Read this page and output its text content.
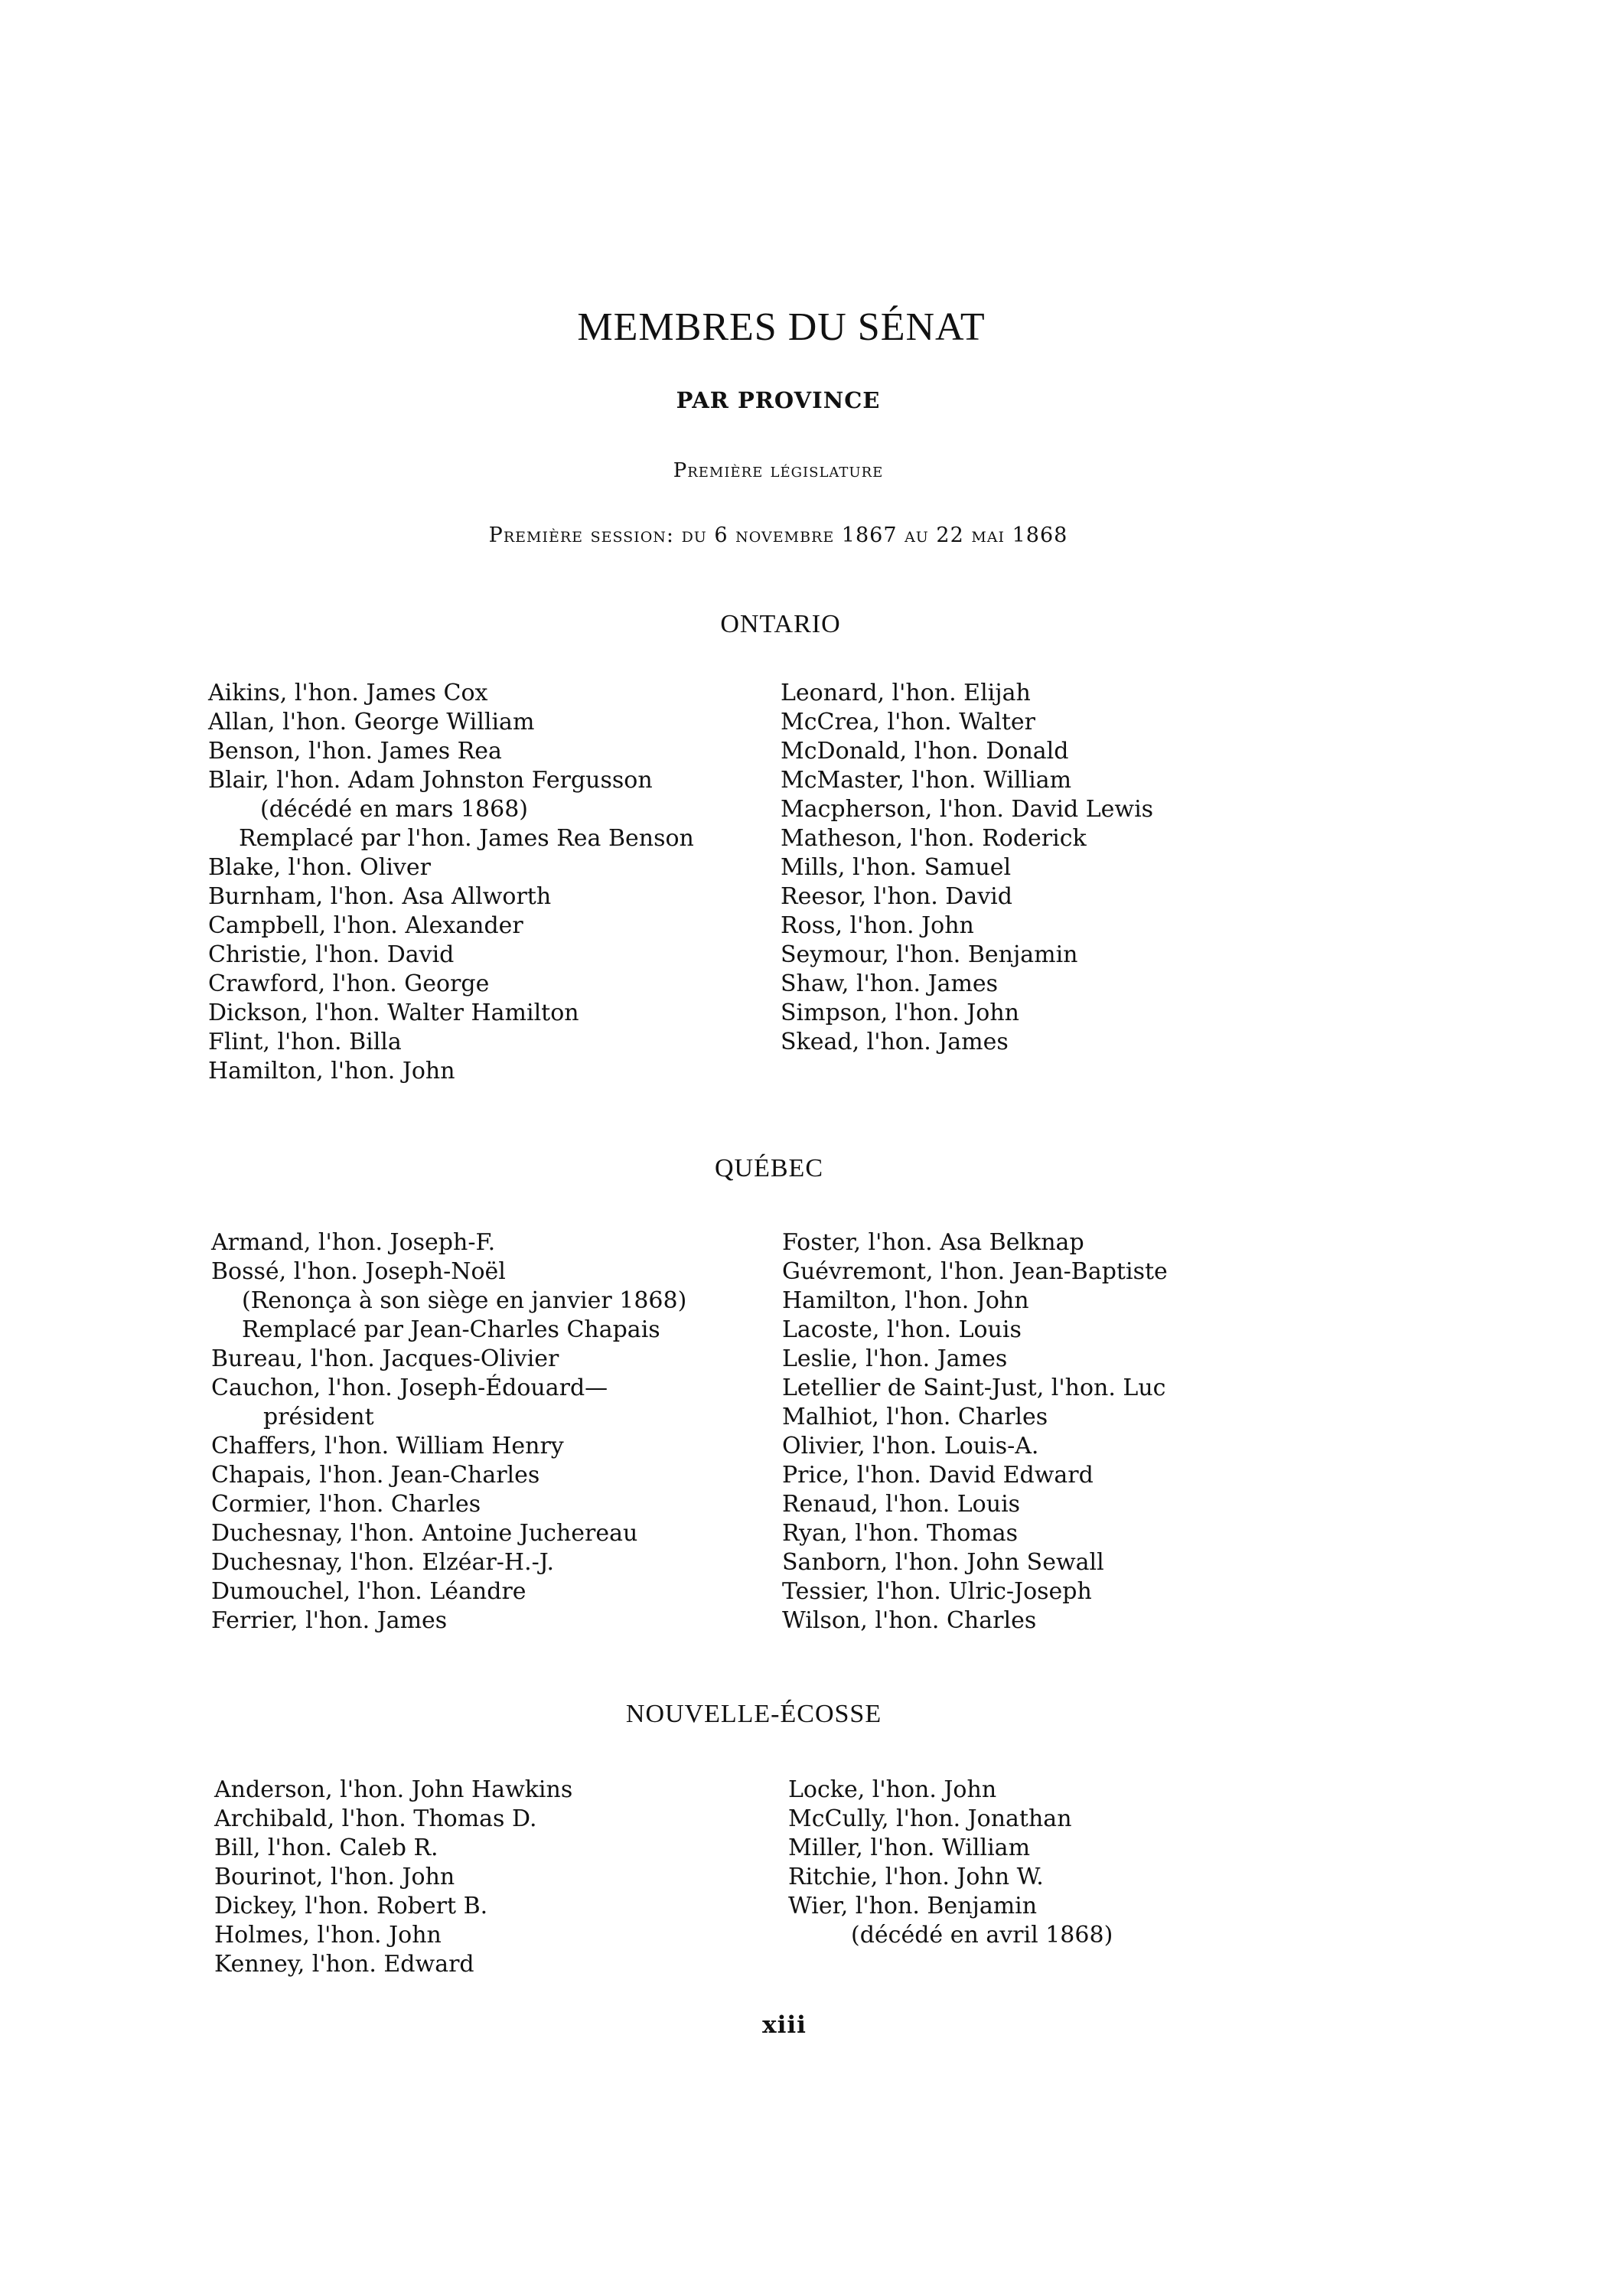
MEMBRES DU SÉNAT
PAR PROVINCE
Première législature
Première session: du 6 novembre 1867 au 22 mai 1868
ONTARIO
Aikins, l'hon. James Cox
Allan, l'hon. George William
Benson, l'hon. James Rea
Blair, l'hon. Adam Johnston Fergusson
(décédé en mars 1868)
Remplacé par l'hon. James Rea Benson
Blake, l'hon. Oliver
Burnham, l'hon. Asa Allworth
Campbell, l'hon. Alexander
Christie, l'hon. David
Crawford, l'hon. George
Dickson, l'hon. Walter Hamilton
Flint, l'hon. Billa
Hamilton, l'hon. John
Leonard, l'hon. Elijah
McCrea, l'hon. Walter
McDonald, l'hon. Donald
McMaster, l'hon. William
Macpherson, l'hon. David Lewis
Matheson, l'hon. Roderick
Mills, l'hon. Samuel
Reesor, l'hon. David
Ross, l'hon. John
Seymour, l'hon. Benjamin
Shaw, l'hon. James
Simpson, l'hon. John
Skead, l'hon. James
QUÉBEC
Armand, l'hon. Joseph-F.
Bossé, l'hon. Joseph-Noël
(Renonça à son siège en janvier 1868)
Remplacé par Jean-Charles Chapais
Bureau, l'hon. Jacques-Olivier
Cauchon, l'hon. Joseph-Édouard—
président
Chaffers, l'hon. William Henry
Chapais, l'hon. Jean-Charles
Cormier, l'hon. Charles
Duchesnay, l'hon. Antoine Juchereau
Duchesnay, l'hon. Elzéar-H.-J.
Dumouchel, l'hon. Léandre
Ferrier, l'hon. James
Foster, l'hon. Asa Belknap
Guévremont, l'hon. Jean-Baptiste
Hamilton, l'hon. John
Lacoste, l'hon. Louis
Leslie, l'hon. James
Letellier de Saint-Just, l'hon. Luc
Malhiot, l'hon. Charles
Olivier, l'hon. Louis-A.
Price, l'hon. David Edward
Renaud, l'hon. Louis
Ryan, l'hon. Thomas
Sanborn, l'hon. John Sewall
Tessier, l'hon. Ulric-Joseph
Wilson, l'hon. Charles
NOUVELLE-ÉCOSSE
Anderson, l'hon. John Hawkins
Archibald, l'hon. Thomas D.
Bill, l'hon. Caleb R.
Bourinot, l'hon. John
Dickey, l'hon. Robert B.
Holmes, l'hon. John
Kenney, l'hon. Edward
Locke, l'hon. John
McCully, l'hon. Jonathan
Miller, l'hon. William
Ritchie, l'hon. John W.
Wier, l'hon. Benjamin
(décédé en avril 1868)
xiii
